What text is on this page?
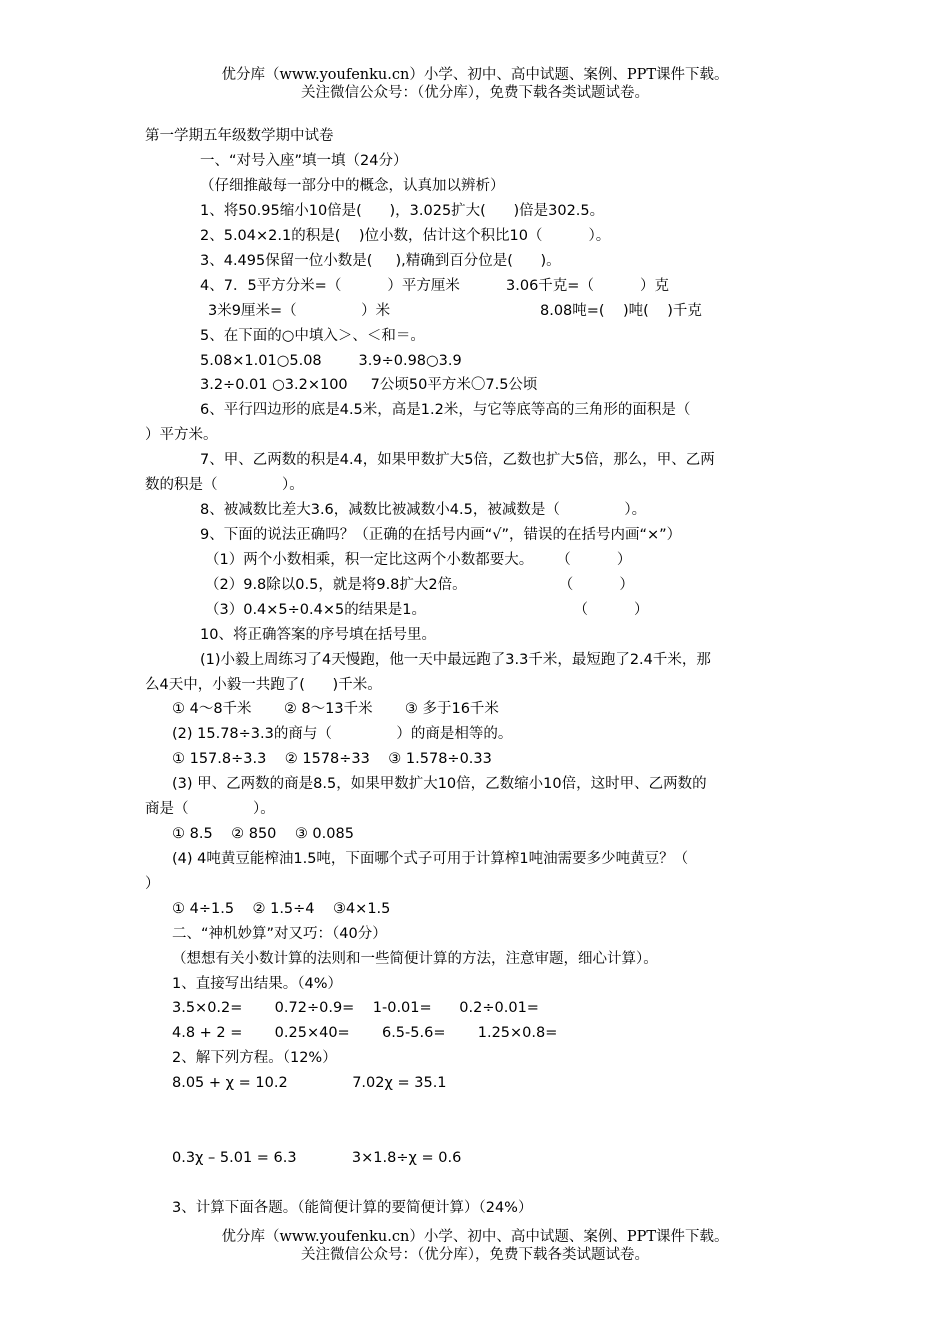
优分库（www.youfenku.cn）小学、初中、高中试题、案例、PPT课件下载。
关注微信公众号：（优分库），免费下载各类试题试卷。
第一学期五年级数学期中试卷
一、“对号入座”填一填（24分）
（仔细推敲每一部分中的概念，认真加以辨析）
1、将50.95缩小10倍是(      )，3.025扩大(      )倍是302.5。
2、5.04×2.1的积是(    )位小数，估计这个积比10（          ）。
3、4.495保留一位小数是(     ),精确到百分位是(      )。
4、7．5平方分米=（          ）平方厘米          3.06千克=（          ）克
3米9厘米=（              ）米	8.08吨=(    )吨(    )千克
5、在下面的○中填入＞、＜和＝。
5.08×1.01○5.08        3.9÷0.98○3.9
3.2÷0.01 ○3.2×100     7公顷50平方米〇7.5公顷
6、平行四边形的底是4.5米，高是1.2米，与它等底等高的三角形的面积是（
）平方米。
7、甲、乙两数的积是4.4，如果甲数扩大5倍，乙数也扩大5倍，那么，甲、乙两
数的积是（              ）。
8、被减数比差大3.6，减数比被减数小4.5，被减数是（              ）。
9、下面的说法正确吗？（正确的在括号内画“√”，错误的在括号内画“×”）
（1）两个小数相乘，积一定比这两个小数都要大。     （          ）
（2）9.8除以0.5，就是将9.8扩大2倍。                    （          ）
（3）0.4×5÷0.4×5的结果是1。                                （          ）
10、将正确答案的序号填在括号里。
(1)小毅上周练习了4天慢跑，他一天中最远跑了3.3千米，最短跑了2.4千米，那
么4天中，小毅一共跑了(      )千米。
① 4～8千米       ② 8～13千米       ③ 多于16千米
(2) 15.78÷3.3的商与（              ）的商是相等的。
① 157.8÷3.3    ② 1578÷33    ③ 1.578÷0.33
(3) 甲、乙两数的商是8.5，如果甲数扩大10倍，乙数缩小10倍，这时甲、乙两数的
商是（              ）。
① 8.5    ② 850    ③ 0.085
(4) 4吨黄豆能榨油1.5吨，下面哪个式子可用于计算榨1吨油需要多少吨黄豆？（
）
① 4÷1.5    ② 1.5÷4    ③4×1.5
二、“神机妙算”对又巧：（40分）
（想想有关小数计算的法则和一些简便计算的方法，注意审题，细心计算）。
1、直接写出结果。（4%）
3.5×0.2=       0.72÷0.9=    1-0.01=      0.2÷0.01=
4.8 + 2 =       0.25×40=       6.5-5.6=       1.25×0.8=
2、解下列方程。（12%）
8.05 + χ = 10.2              7.02χ = 35.1
0.3χ – 5.01 = 6.3            3×1.8÷χ = 0.6
3、计算下面各题。（能简便计算的要简便计算）（24%）
优分库（www.youfenku.cn）小学、初中、高中试题、案例、PPT课件下载。
关注微信公众号：（优分库），免费下载各类试题试卷。
